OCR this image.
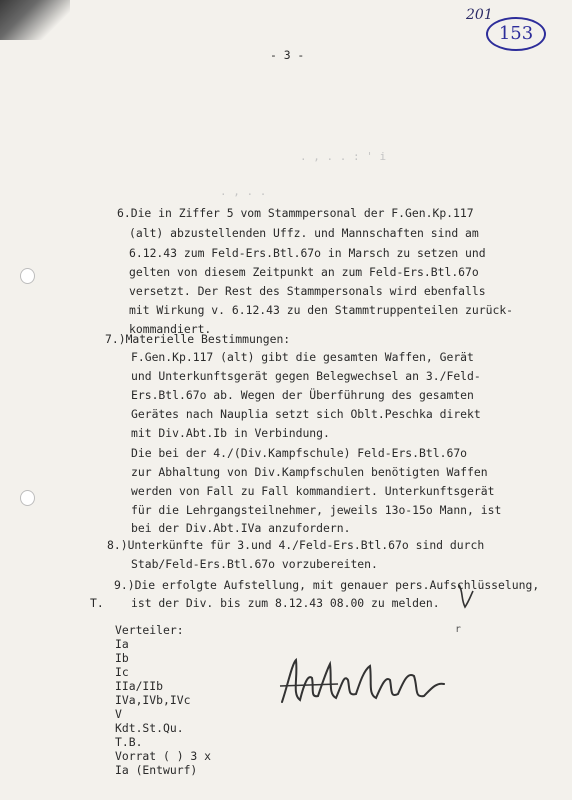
201
153
- 3 -
. , . . : ' i
. , . .
6.Die in Ziffer 5 vom Stammpersonal der F.Gen.Kp.117
(alt) abzustellenden Uffz. und Mannschaften sind am
6.12.43 zum Feld-Ers.Btl.67o in Marsch zu setzen und
gelten von diesem Zeitpunkt an zum Feld-Ers.Btl.67o
versetzt. Der Rest des Stammpersonals wird ebenfalls
mit Wirkung v. 6.12.43 zu den Stammtruppenteilen zurück-
kommandiert.
7.)Materielle Bestimmungen:
F.Gen.Kp.117 (alt) gibt die gesamten Waffen, Gerät
und Unterkunftsgerät gegen Belegwechsel an 3./Feld-
Ers.Btl.67o ab. Wegen der Überführung des gesamten
Gerätes nach Nauplia setzt sich Oblt.Peschka direkt
mit Div.Abt.Ib in Verbindung.
Die bei der 4./(Div.Kampfschule) Feld-Ers.Btl.67o
zur Abhaltung von Div.Kampfschulen benötigten Waffen
werden von Fall zu Fall kommandiert. Unterkunftsgerät
für die Lehrgangsteilnehmer, jeweils 13o-15o Mann, ist
bei der Div.Abt.IVa anzufordern.
8.)Unterkünfte für 3.und 4./Feld-Ers.Btl.67o sind durch
Stab/Feld-Ers.Btl.67o vorzubereiten.
9.)Die erfolgte Aufstellung, mit genauer pers.Aufschlüsselung,
ist der Div. bis zum 8.12.43 08.00 zu melden.
T.
Verteiler:
Ia
Ib
Ic
IIa/IIb
IVa,IVb,IVc
V
Kdt.St.Qu.
T.B.
Vorrat ( ) 3 x
Ia (Entwurf)
r
